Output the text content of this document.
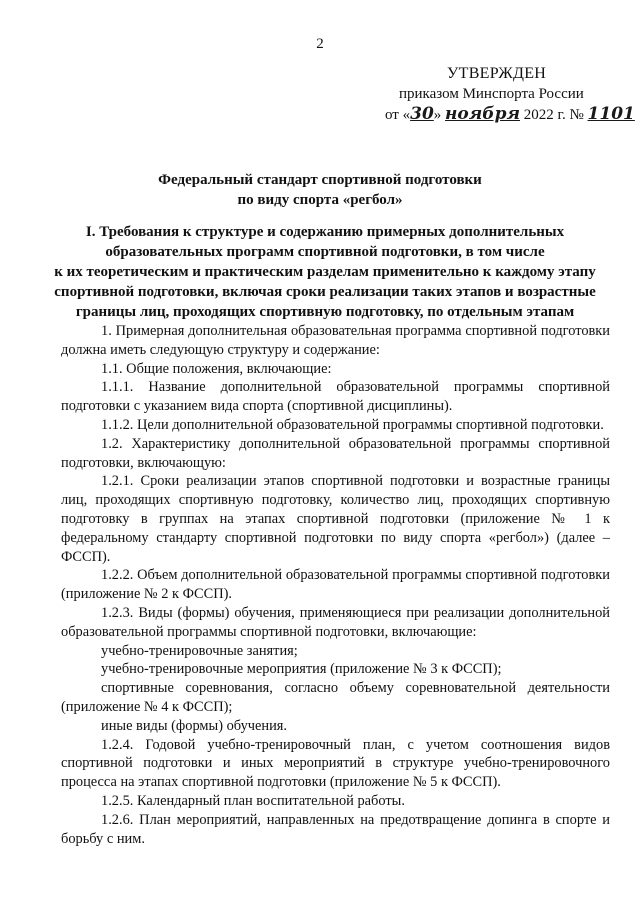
2
УТВЕРЖДЕН
приказом Минспорта России
от «30» ноября 2022 г. № 1101
Федеральный стандарт спортивной подготовки
по виду спорта «регбол»
I. Требования к структуре и содержанию примерных дополнительных
образовательных программ спортивной подготовки, в том числе
к их теоретическим и практическим разделам применительно к каждому этапу
спортивной подготовки, включая сроки реализации таких этапов и возрастные
границы лиц, проходящих спортивную подготовку, по отдельным этапам

1. Примерная дополнительная образовательная программа спортивной подготовки должна иметь следующую структуру и содержание:

1.1. Общие положения, включающие:

1.1.1. Название дополнительной образовательной программы спортивной подготовки с указанием вида спорта (спортивной дисциплины).

1.1.2. Цели дополнительной образовательной программы спортивной подготовки.

1.2. Характеристику дополнительной образовательной программы спортивной подготовки, включающую:

1.2.1. Сроки реализации этапов спортивной подготовки и возрастные границы лиц, проходящих спортивную подготовку, количество лиц, проходящих спортивную подготовку в группах на этапах спортивной подготовки (приложение № 1 к федеральному стандарту спортивной подготовки по виду спорта «регбол») (далее – ФССП).

1.2.2. Объем дополнительной образовательной программы спортивной подготовки (приложение № 2 к ФССП).

1.2.3. Виды (формы) обучения, применяющиеся при реализации дополнительной образовательной программы спортивной подготовки, включающие:

учебно-тренировочные занятия;

учебно-тренировочные мероприятия (приложение № 3 к ФССП);

спортивные соревнования, согласно объему соревновательной деятельности (приложение № 4 к ФССП);

иные виды (формы) обучения.

1.2.4. Годовой учебно-тренировочный план, с учетом соотношения видов спортивной подготовки и иных мероприятий в структуре учебно-тренировочного процесса на этапах спортивной подготовки (приложение № 5 к ФССП).

1.2.5. Календарный план воспитательной работы.

1.2.6. План мероприятий, направленных на предотвращение допинга в спорте и борьбу с ним.
